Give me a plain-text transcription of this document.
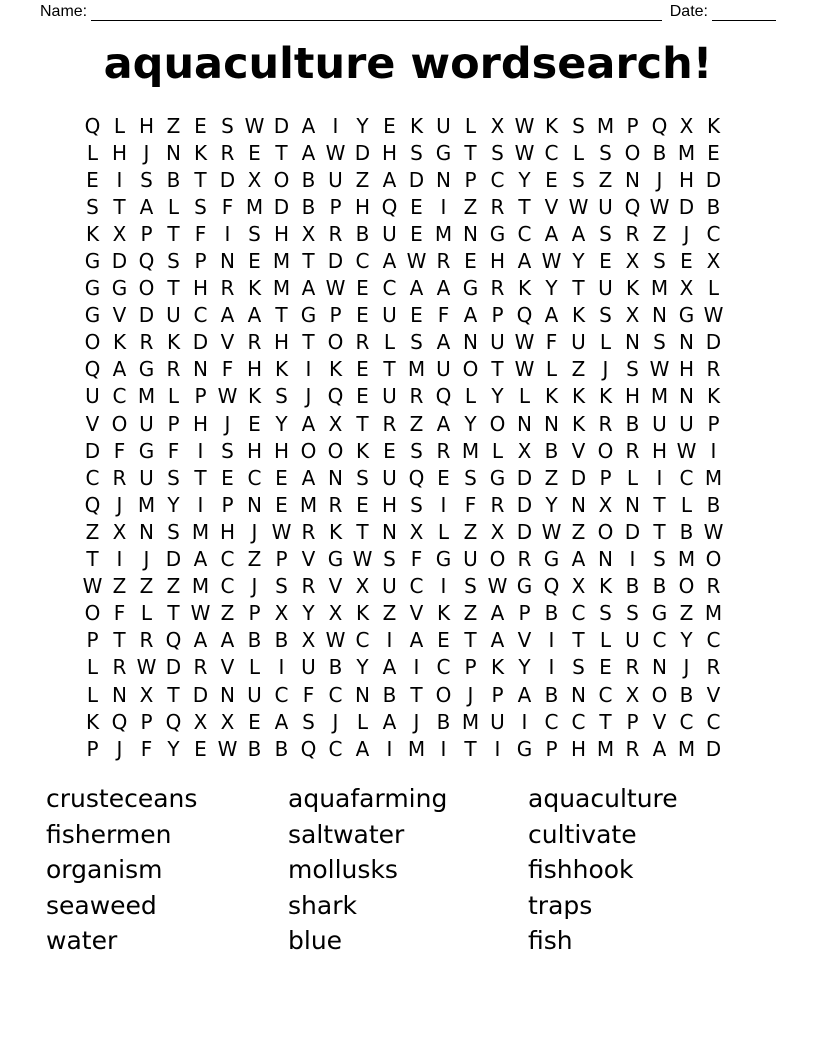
Name:	Date:
aquaculture wordsearch!
Q L H Z E S W D A I Y E K U L X W K S M P Q X K
L H J N K R E T A W D H S G T S W C L S O B M E
E I S B T D X O B U Z A D N P C Y E S Z N J H D
S T A L S F M D B P H Q E I Z R T V W U Q W D B
K X P T F I S H X R B U E M N G C A A S R Z J C
G D Q S P N E M T D C A W R E H A W Y E X S E X
G G O T H R K M A W E C A A G R K Y T U K M X L
G V D U C A A T G P E U E F A P Q A K S X N G W
O K R K D V R H T O R L S A N U W F U L N S N D
Q A G R N F H K I K E T M U O T W L Z J S W H R
U C M L P W K S J Q E U R Q L Y L K K K H M N K
V O U P H J E Y A X T R Z A Y O N N K R B U U P
D F G F I S H H O O K E S R M L X B V O R H W I
C R U S T E C E A N S U Q E S G D Z D P L I C M
Q J M Y I P N E M R E H S I F R D Y N X N T L B
Z X N S M H J W R K T N X L Z X D W Z O D T B W
T I	J D A C Z P V G W S F G U O R G A N I S M O
W Z Z Z M C J S R V X U C I S W G Q X K B B O R
O F L T W Z P X Y X K Z V K Z A P B C S S G Z M
P T R Q A A B B X W C I A E T A V I T L U C Y C
L R W D R V L I U B Y A I C P K Y I S E R N J R
L N X T D N U C F C N B T O J P A B N C X O B V
K Q P Q X X E A S J L A J B M U I C C T P V C C
P J F Y E W B B Q C A I M I T I G P H M R A M D
crusteceans
fishermen
organism
seaweed
water
aquafarming
saltwater
mollusks
shark
blue
aquaculture
cultivate
fishhook
traps
fish
